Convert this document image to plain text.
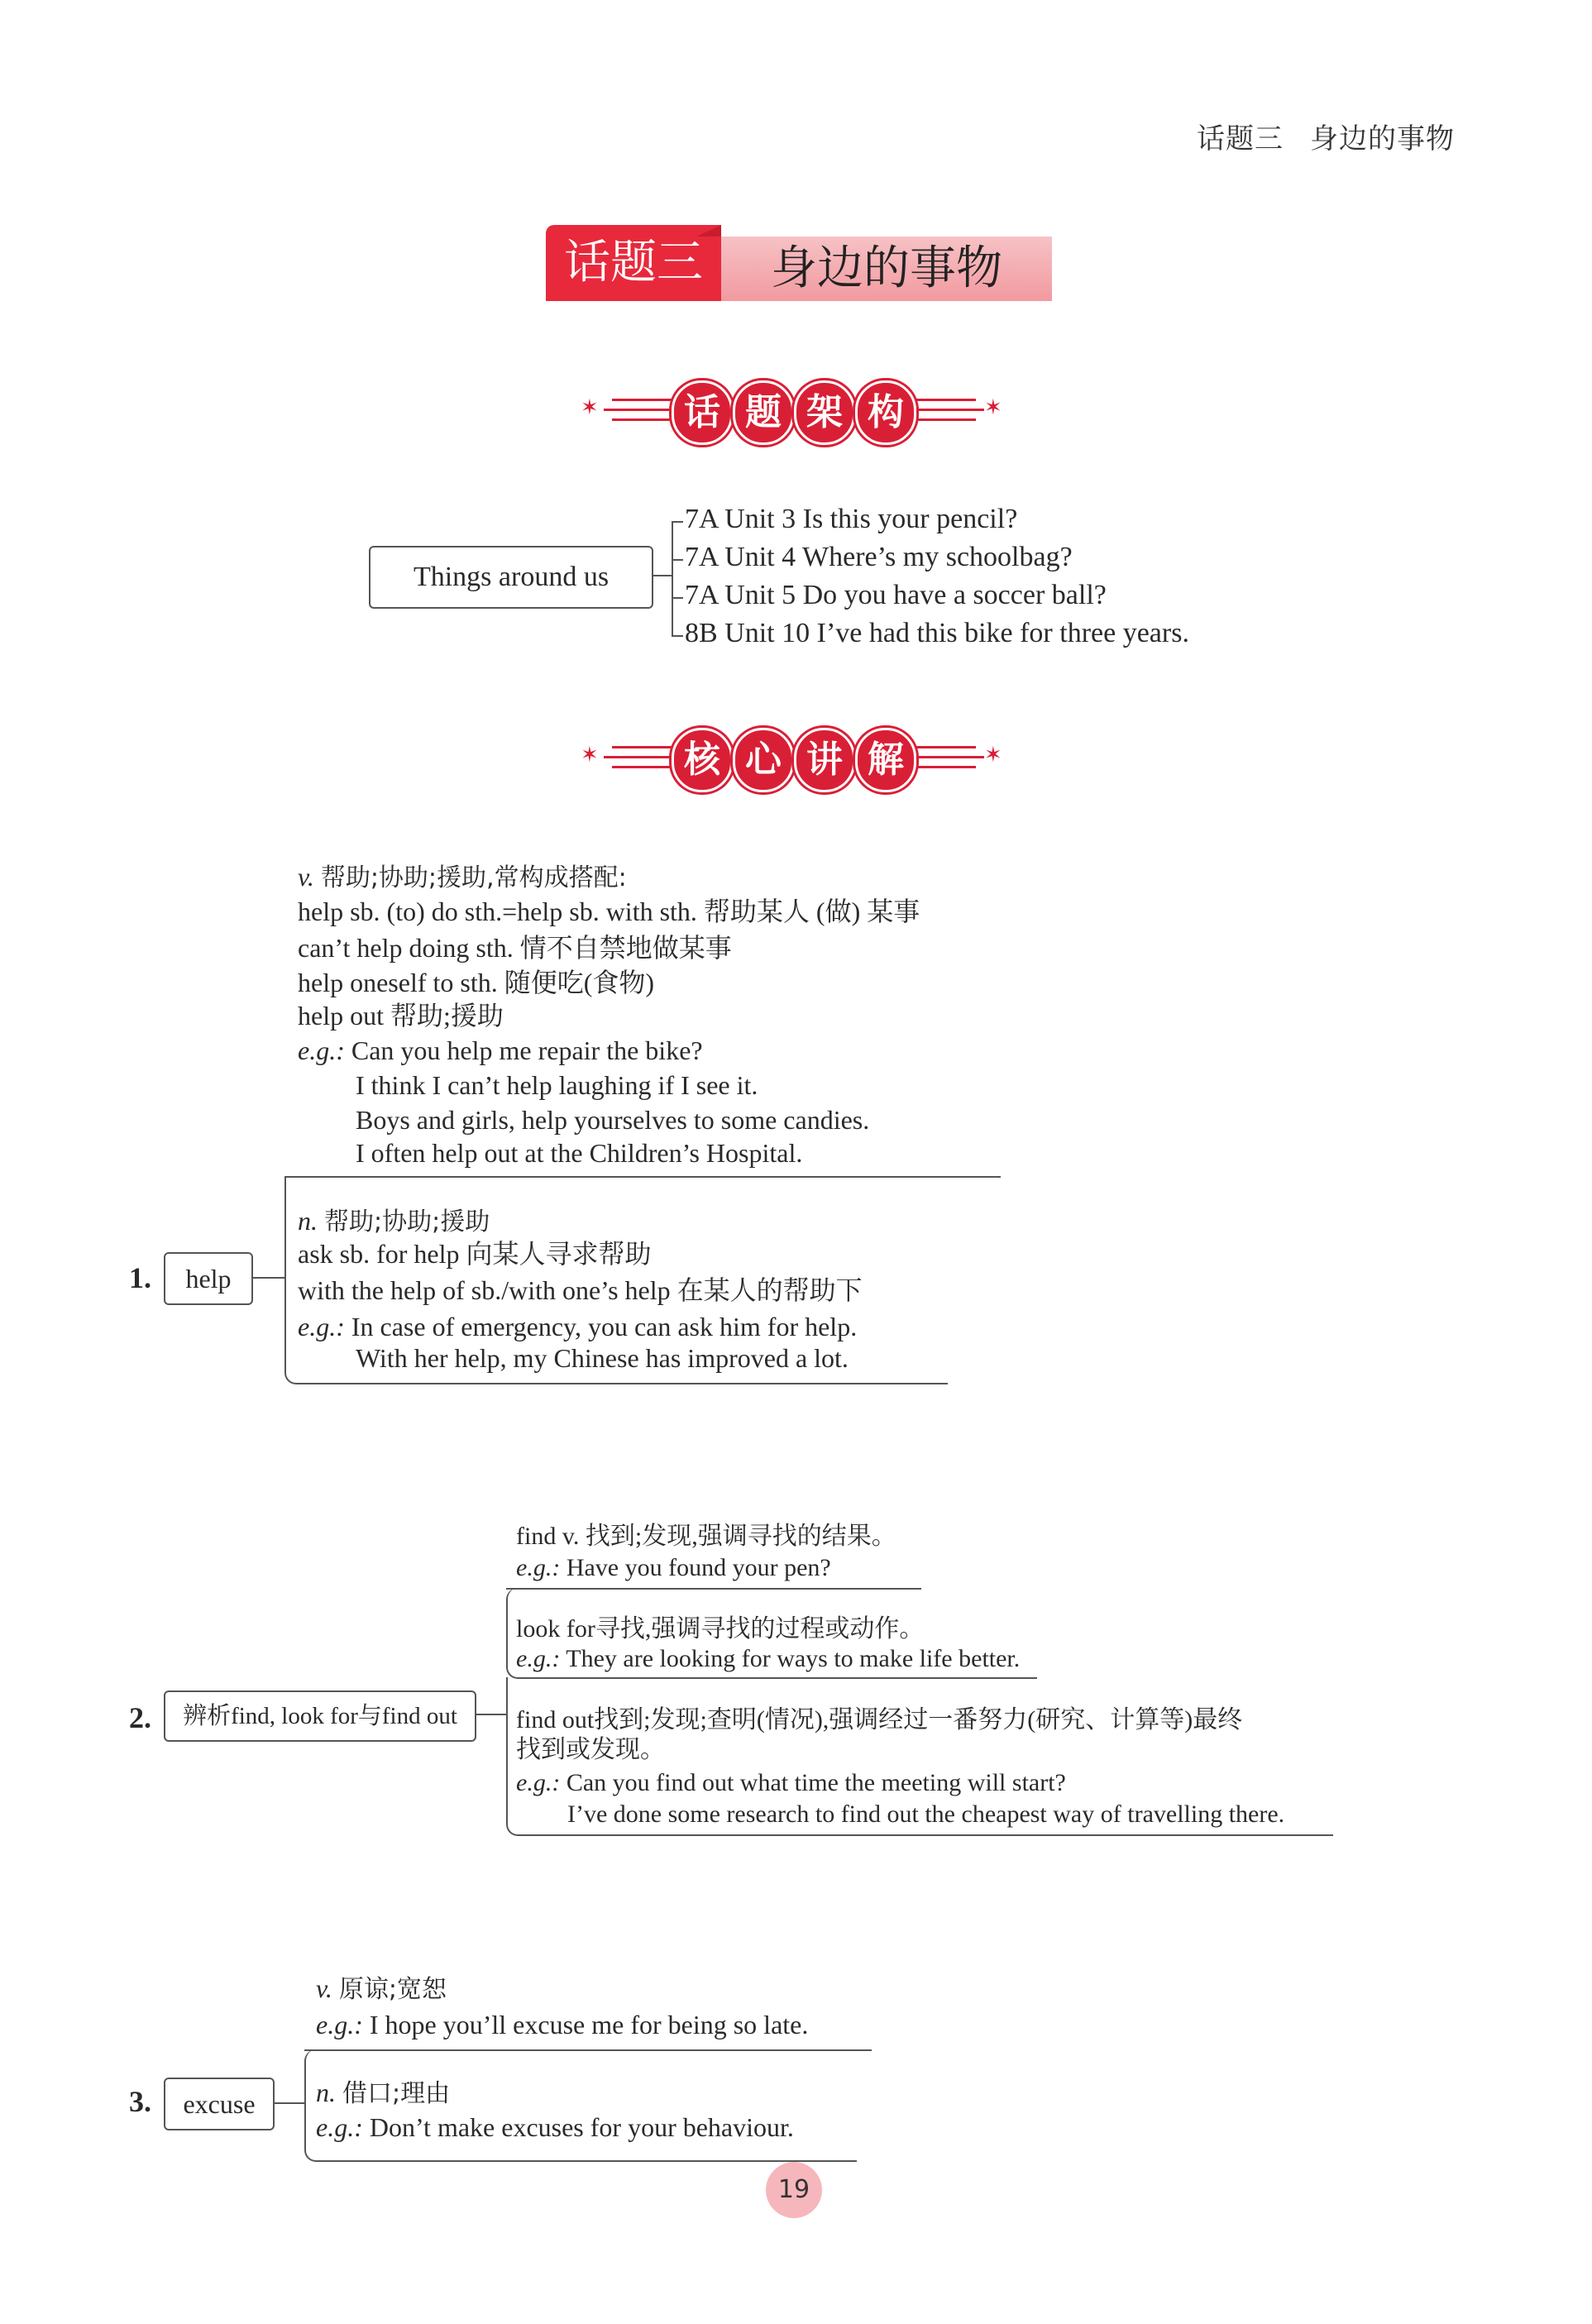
话题三 身边的事物
话题三	身边的事物
✶	✶
话 题 架 构
Things around us
7A Unit 3 Is this your pencil?
7A Unit 4 Where’s my schoolbag?
7A Unit 5 Do you have a soccer ball?
8B Unit 10 I’ve had this bike for three years.
✶	✶
核 心 讲 解
v. 帮助;协助;援助,常构成搭配:
help sb. (to) do sth.=help sb. with sth. 帮助某人 (做) 某事
can’t help doing sth. 情不自禁地做某事
help oneself to sth. 随便吃(食物)
help out 帮助;援助
e.g.: Can you help me repair the bike?
I think I can’t help laughing if I see it.
Boys and girls, help yourselves to some candies.
I often help out at the Children’s Hospital.
n. 帮助;协助;援助
ask sb. for help 向某人寻求帮助
with the help of sb./with one’s help 在某人的帮助下
e.g.: In case of emergency, you can ask him for help.
With her help, my Chinese has improved a lot.
1.	help
find v. 找到;发现,强调寻找的结果。
e.g.: Have you found your pen?
look for寻找,强调寻找的过程或动作。
e.g.: They are looking for ways to make life better.
find out找到;发现;查明(情况),强调经过一番努力(研究、计算等)最终
找到或发现。
e.g.: Can you find out what time the meeting will start?
I’ve done some research to find out the cheapest way of travelling there.
2.	辨析find, look for与find out
v. 原谅;宽恕
e.g.: I hope you’ll excuse me for being so late.
n. 借口;理由
e.g.: Don’t make excuses for your behaviour.
3.	excuse
19
